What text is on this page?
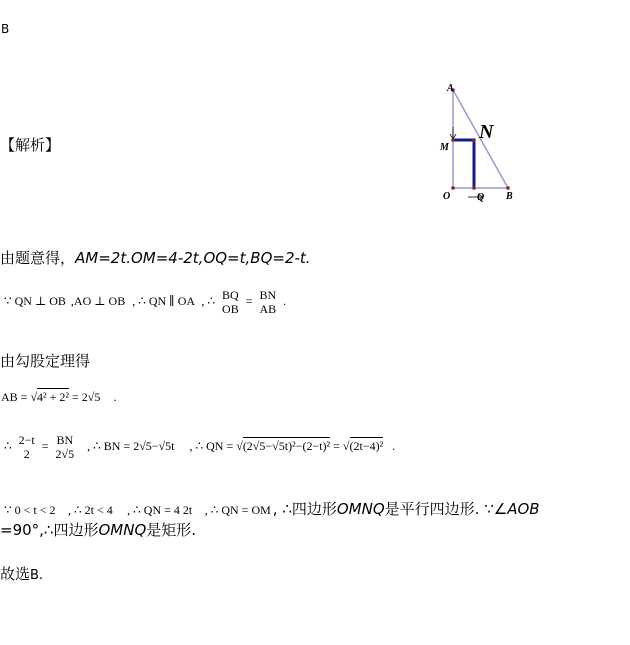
B
【解析】
A
N
M
O	Q B
由题意得，AM=2t.OM=4-2t,OQ=t,BQ=2-t.
∵ QN ⊥ OB ,AO ⊥ OB , ∴ QN ∥ OA , ∴ BQ
OB
= BN
AB
.
由勾股定理得
AB = √4² + 2² = 2√5 .
∴ 2−t
2
= BN
2√5
, ∴ BN = 2√5−√5t , ∴ QN = √(2√5−√5t)²−(2−t)² = √(2t−4)² .
∵ 0 < t < 2 , ∴ 2t < 4 , ∴ QN = 4 2t , ∴ QN = OM , ∴四边形OMNQ是平行四边形. ∵∠AOB
=90°,∴四边形OMNQ是矩形.
故选B.
